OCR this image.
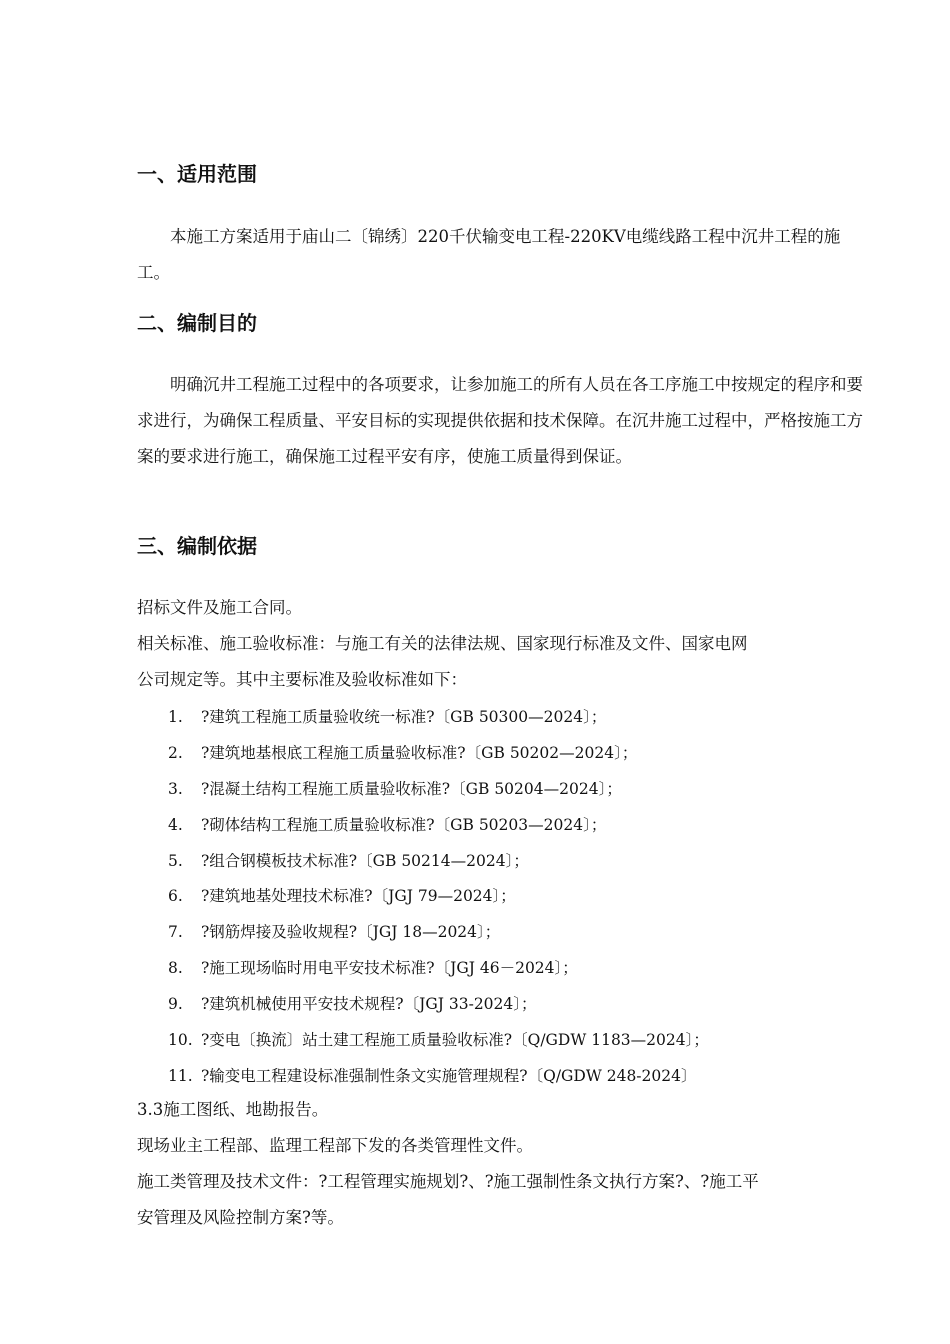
一、适用范围
本施工方案适用于庙山二〔锦绣〕220千伏输变电工程-220KV电缆线路工程中沉井工程的施工。
二、编制目的
明确沉井工程施工过程中的各项要求，让参加施工的所有人员在各工序施工中按规定的程序和要求进行，为确保工程质量、平安目标的实现提供依据和技术保障。在沉井施工过程中，严格按施工方案的要求进行施工，确保施工过程平安有序，使施工质量得到保证。
三、编制依据
招标文件及施工合同。
相关标准、施工验收标准：与施工有关的法律法规、国家现行标准及文件、国家电网
公司规定等。其中主要标准及验收标准如下：
1. ?建筑工程施工质量验收统一标准?〔GB 50300—2024〕；
2. ?建筑地基根底工程施工质量验收标准?〔GB 50202—2024〕；
3. ?混凝土结构工程施工质量验收标准?〔GB 50204—2024〕；
4. ?砌体结构工程施工质量验收标准?〔GB 50203—2024〕；
5. ?组合钢模板技术标准?〔GB 50214—2024〕；
6. ?建筑地基处理技术标准?〔JGJ 79—2024〕；
7. ?钢筋焊接及验收规程?〔JGJ 18—2024〕；
8. ?施工现场临时用电平安技术标准?〔JGJ 46－2024〕；
9. ?建筑机械使用平安技术规程?〔JGJ 33-2024〕；
10. ?变电〔换流〕站土建工程施工质量验收标准?〔Q/GDW 1183—2024〕；
11. ?输变电工程建设标准强制性条文实施管理规程?〔Q/GDW 248-2024〕
3.3施工图纸、地勘报告。
现场业主工程部、监理工程部下发的各类管理性文件。
施工类管理及技术文件：?工程管理实施规划?、?施工强制性条文执行方案?、?施工平
安管理及风险控制方案?等。
